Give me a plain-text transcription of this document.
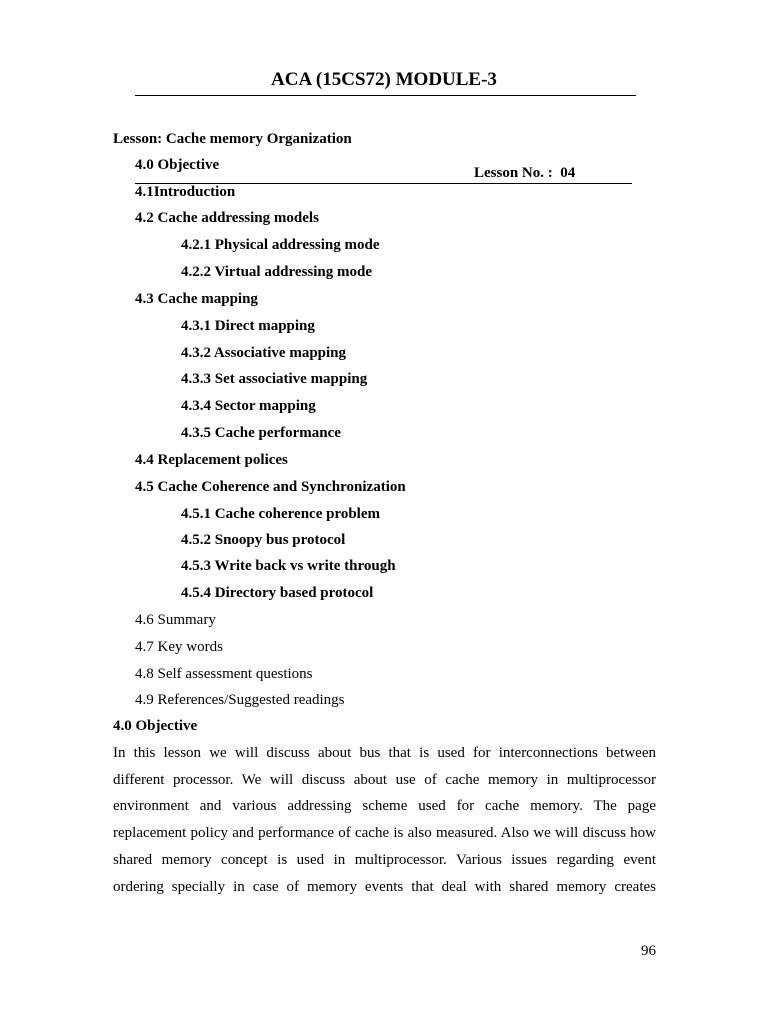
ACA (15CS72) MODULE-3
Lesson: Cache memory Organization
Lesson No. :  04
4.0 Objective
4.1Introduction
4.2 Cache addressing models
4.2.1 Physical addressing mode
4.2.2 Virtual addressing mode
4.3 Cache mapping
4.3.1 Direct mapping
4.3.2 Associative mapping
4.3.3 Set associative mapping
4.3.4 Sector mapping
4.3.5 Cache performance
4.4 Replacement polices
4.5 Cache Coherence and Synchronization
4.5.1 Cache coherence problem
4.5.2 Snoopy bus protocol
4.5.3 Write back vs write through
4.5.4 Directory based protocol
4.6 Summary
4.7 Key words
4.8 Self assessment questions
4.9 References/Suggested readings
4.0 Objective
In this lesson we will discuss about bus that is used for interconnections between
different processor. We will discuss about use of cache memory in multiprocessor
environment and various addressing scheme used for cache memory. The page
replacement policy and performance of cache is also measured. Also we will discuss how
shared memory concept is used in multiprocessor. Various issues regarding event
ordering specially in case of memory events that deal with shared memory creates
96
